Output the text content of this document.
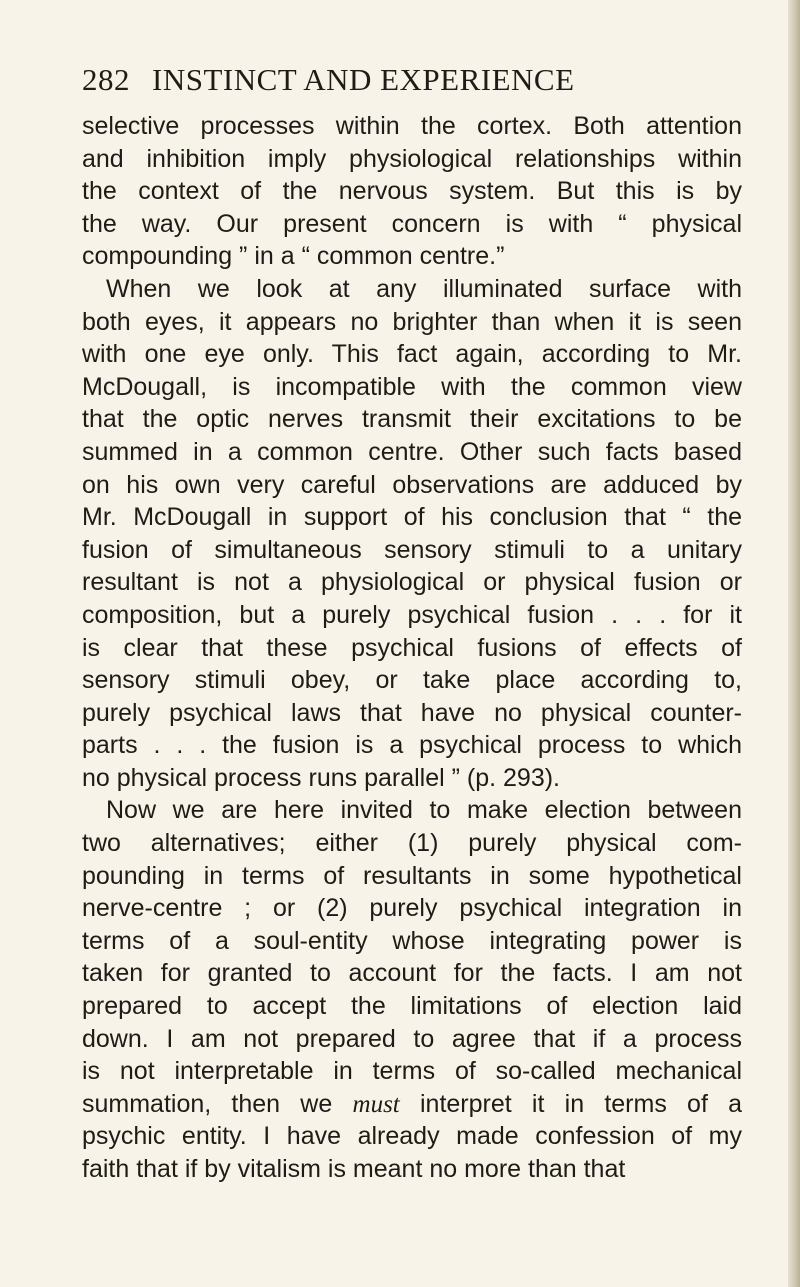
282 INSTINCT AND EXPERIENCE
selective processes within the cortex. Both attention
and inhibition imply physiological relationships within
the context of the nervous system. But this is by
the way. Our present concern is with “ physical
compounding ” in a “ common centre.”
When we look at any illuminated surface with
both eyes, it appears no brighter than when it is seen
with one eye only. This fact again, according to Mr.
McDougall, is incompatible with the common view
that the optic nerves transmit their excitations to be
summed in a common centre. Other such facts based
on his own very careful observations are adduced by
Mr. McDougall in support of his conclusion that “ the
fusion of simultaneous sensory stimuli to a unitary
resultant is not a physiological or physical fusion or
composition, but a purely psychical fusion . . . for it
is clear that these psychical fusions of effects of
sensory stimuli obey, or take place according to,
purely psychical laws that have no physical counter-
parts . . . the fusion is a psychical process to which
no physical process runs parallel ” (p. 293).
Now we are here invited to make election between
two alternatives; either (1) purely physical com-
pounding in terms of resultants in some hypothetical
nerve-centre ; or (2) purely psychical integration in
terms of a soul-entity whose integrating power is
taken for granted to account for the facts. I am not
prepared to accept the limitations of election laid
down. I am not prepared to agree that if a process
is not interpretable in terms of so-called mechanical
summation, then we must interpret it in terms of a
psychic entity. I have already made confession of my
faith that if by vitalism is meant no more than that
